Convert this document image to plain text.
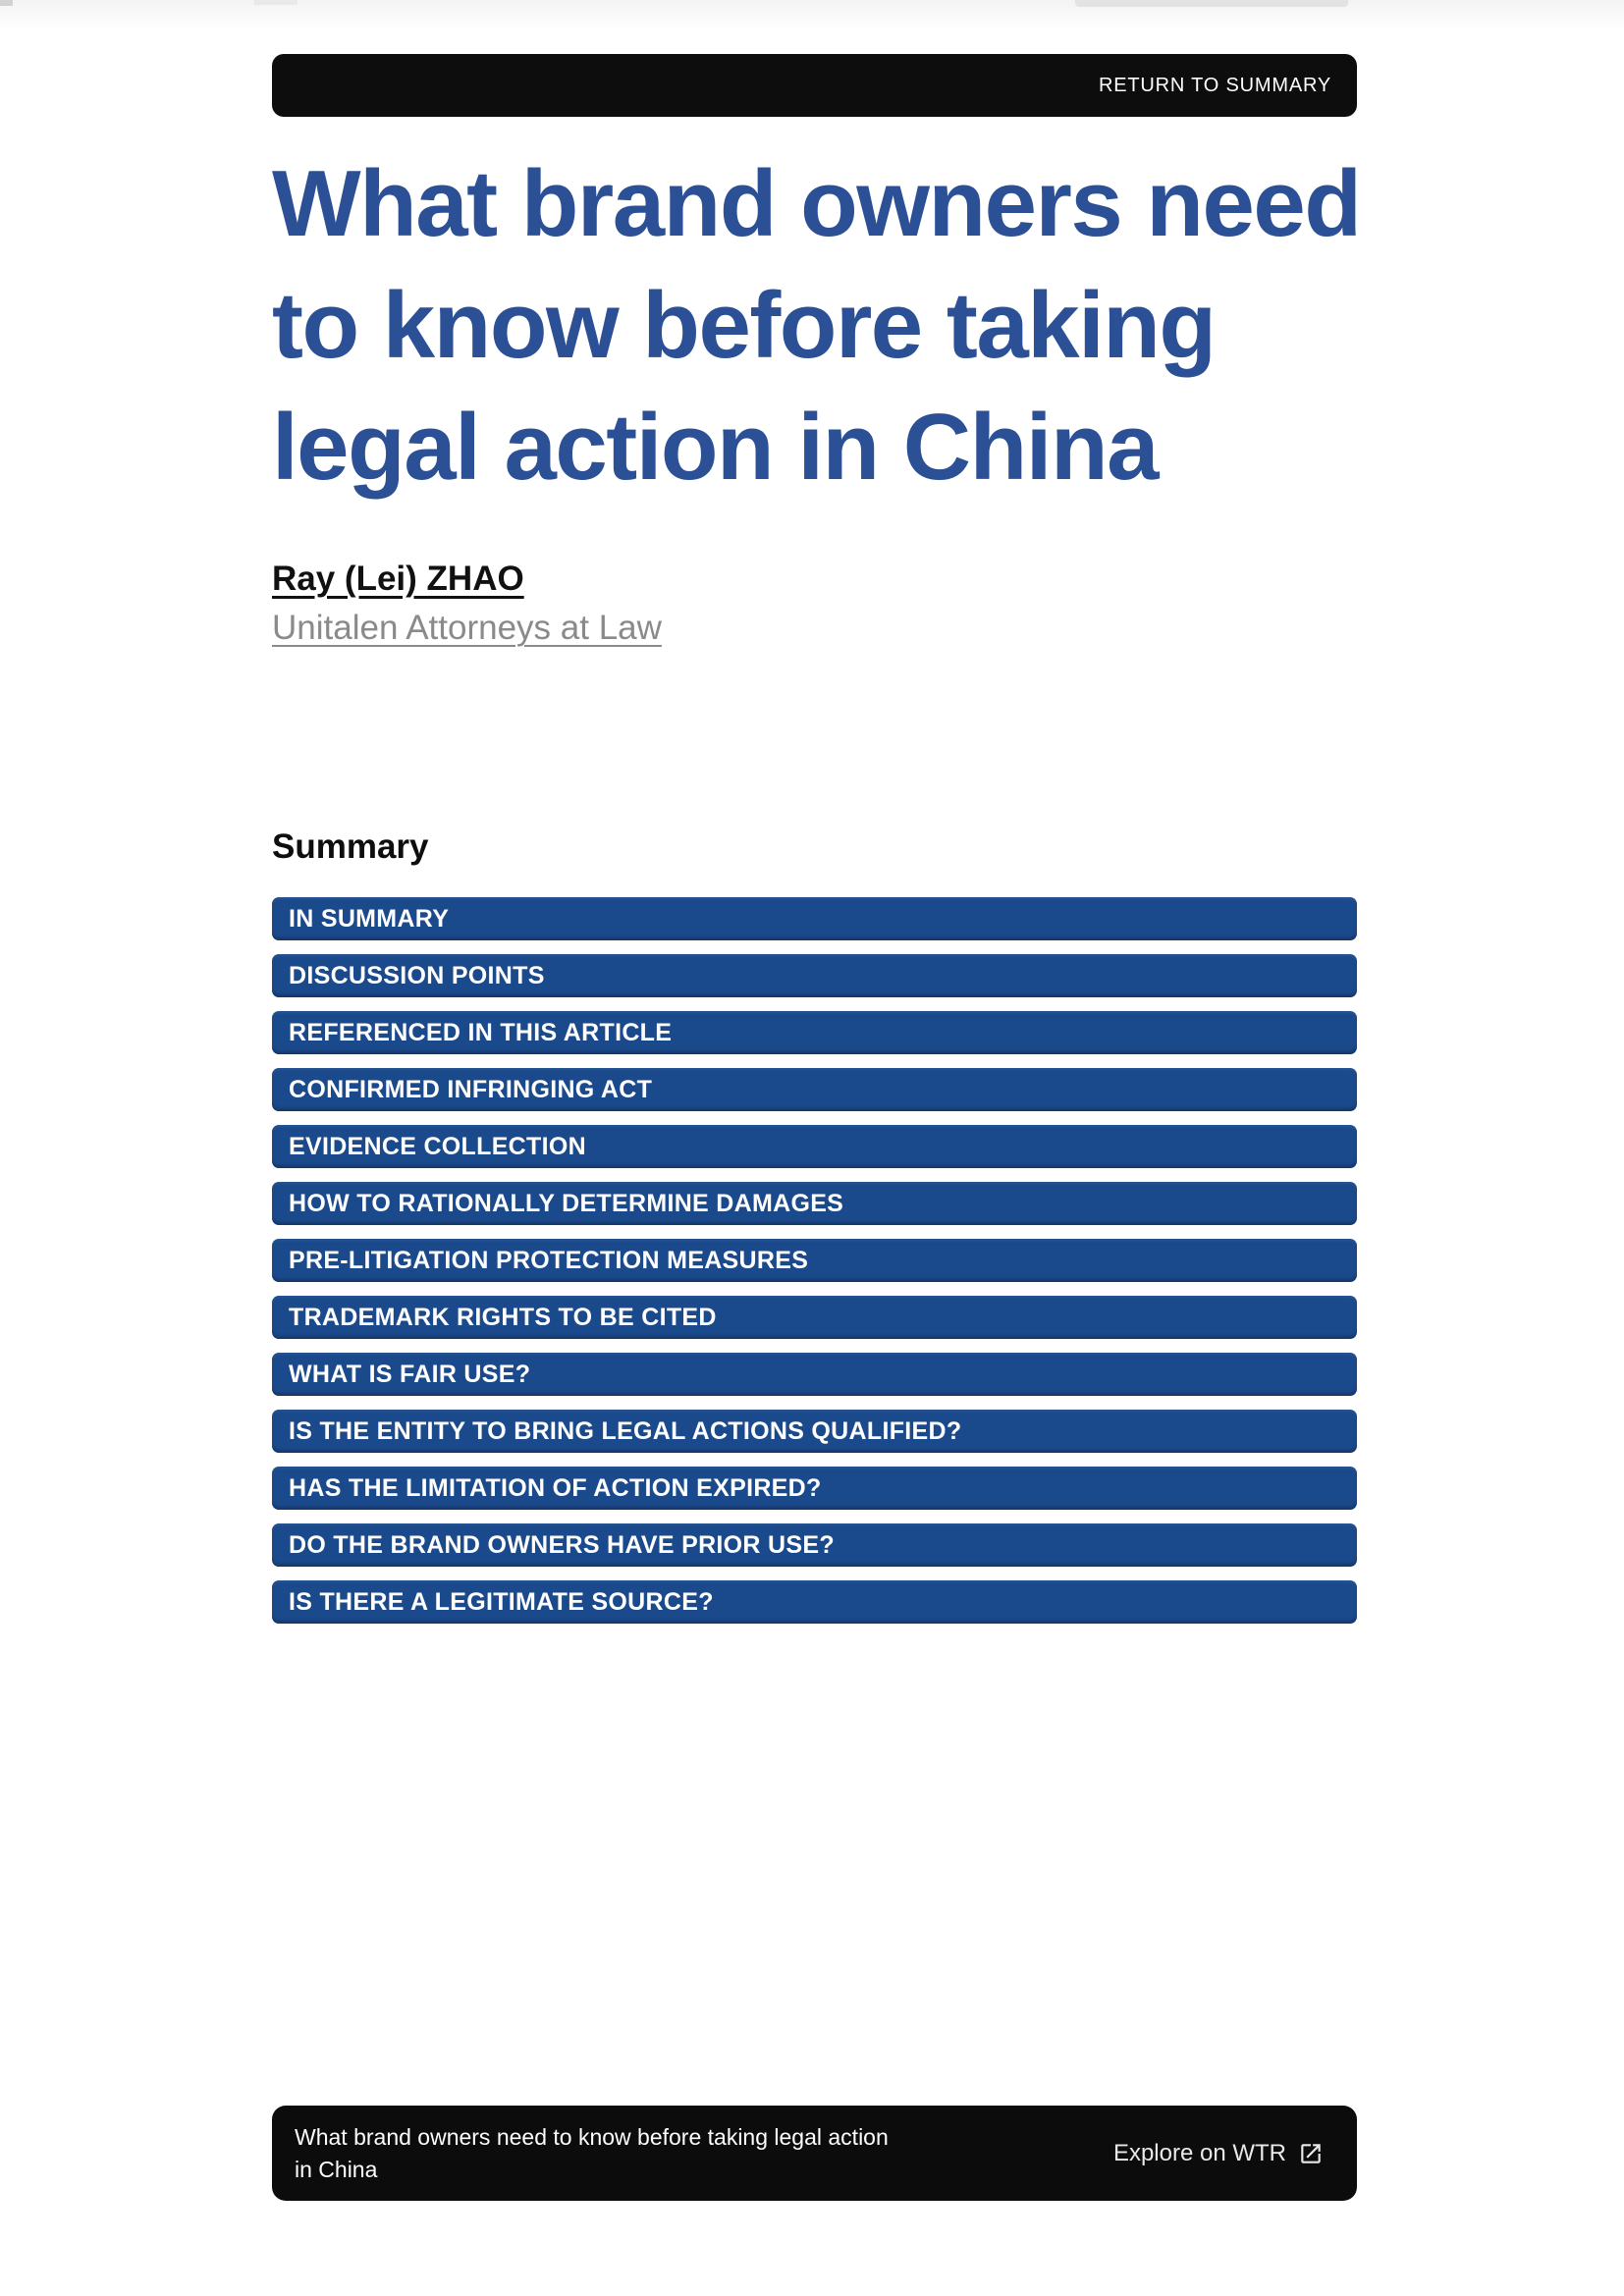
RETURN TO SUMMARY
What brand owners need
to know before taking
legal action in China
Ray (Lei) ZHAO
Unitalen Attorneys at Law
Summary
IN SUMMARY
DISCUSSION POINTS
REFERENCED IN THIS ARTICLE
CONFIRMED INFRINGING ACT
EVIDENCE COLLECTION
HOW TO RATIONALLY DETERMINE DAMAGES
PRE-LITIGATION PROTECTION MEASURES
TRADEMARK RIGHTS TO BE CITED
WHAT IS FAIR USE?
IS THE ENTITY TO BRING LEGAL ACTIONS QUALIFIED?
HAS THE LIMITATION OF ACTION EXPIRED?
DO THE BRAND OWNERS HAVE PRIOR USE?
IS THERE A LEGITIMATE SOURCE?
What brand owners need to know before taking legal action
in China
Explore on WTR
